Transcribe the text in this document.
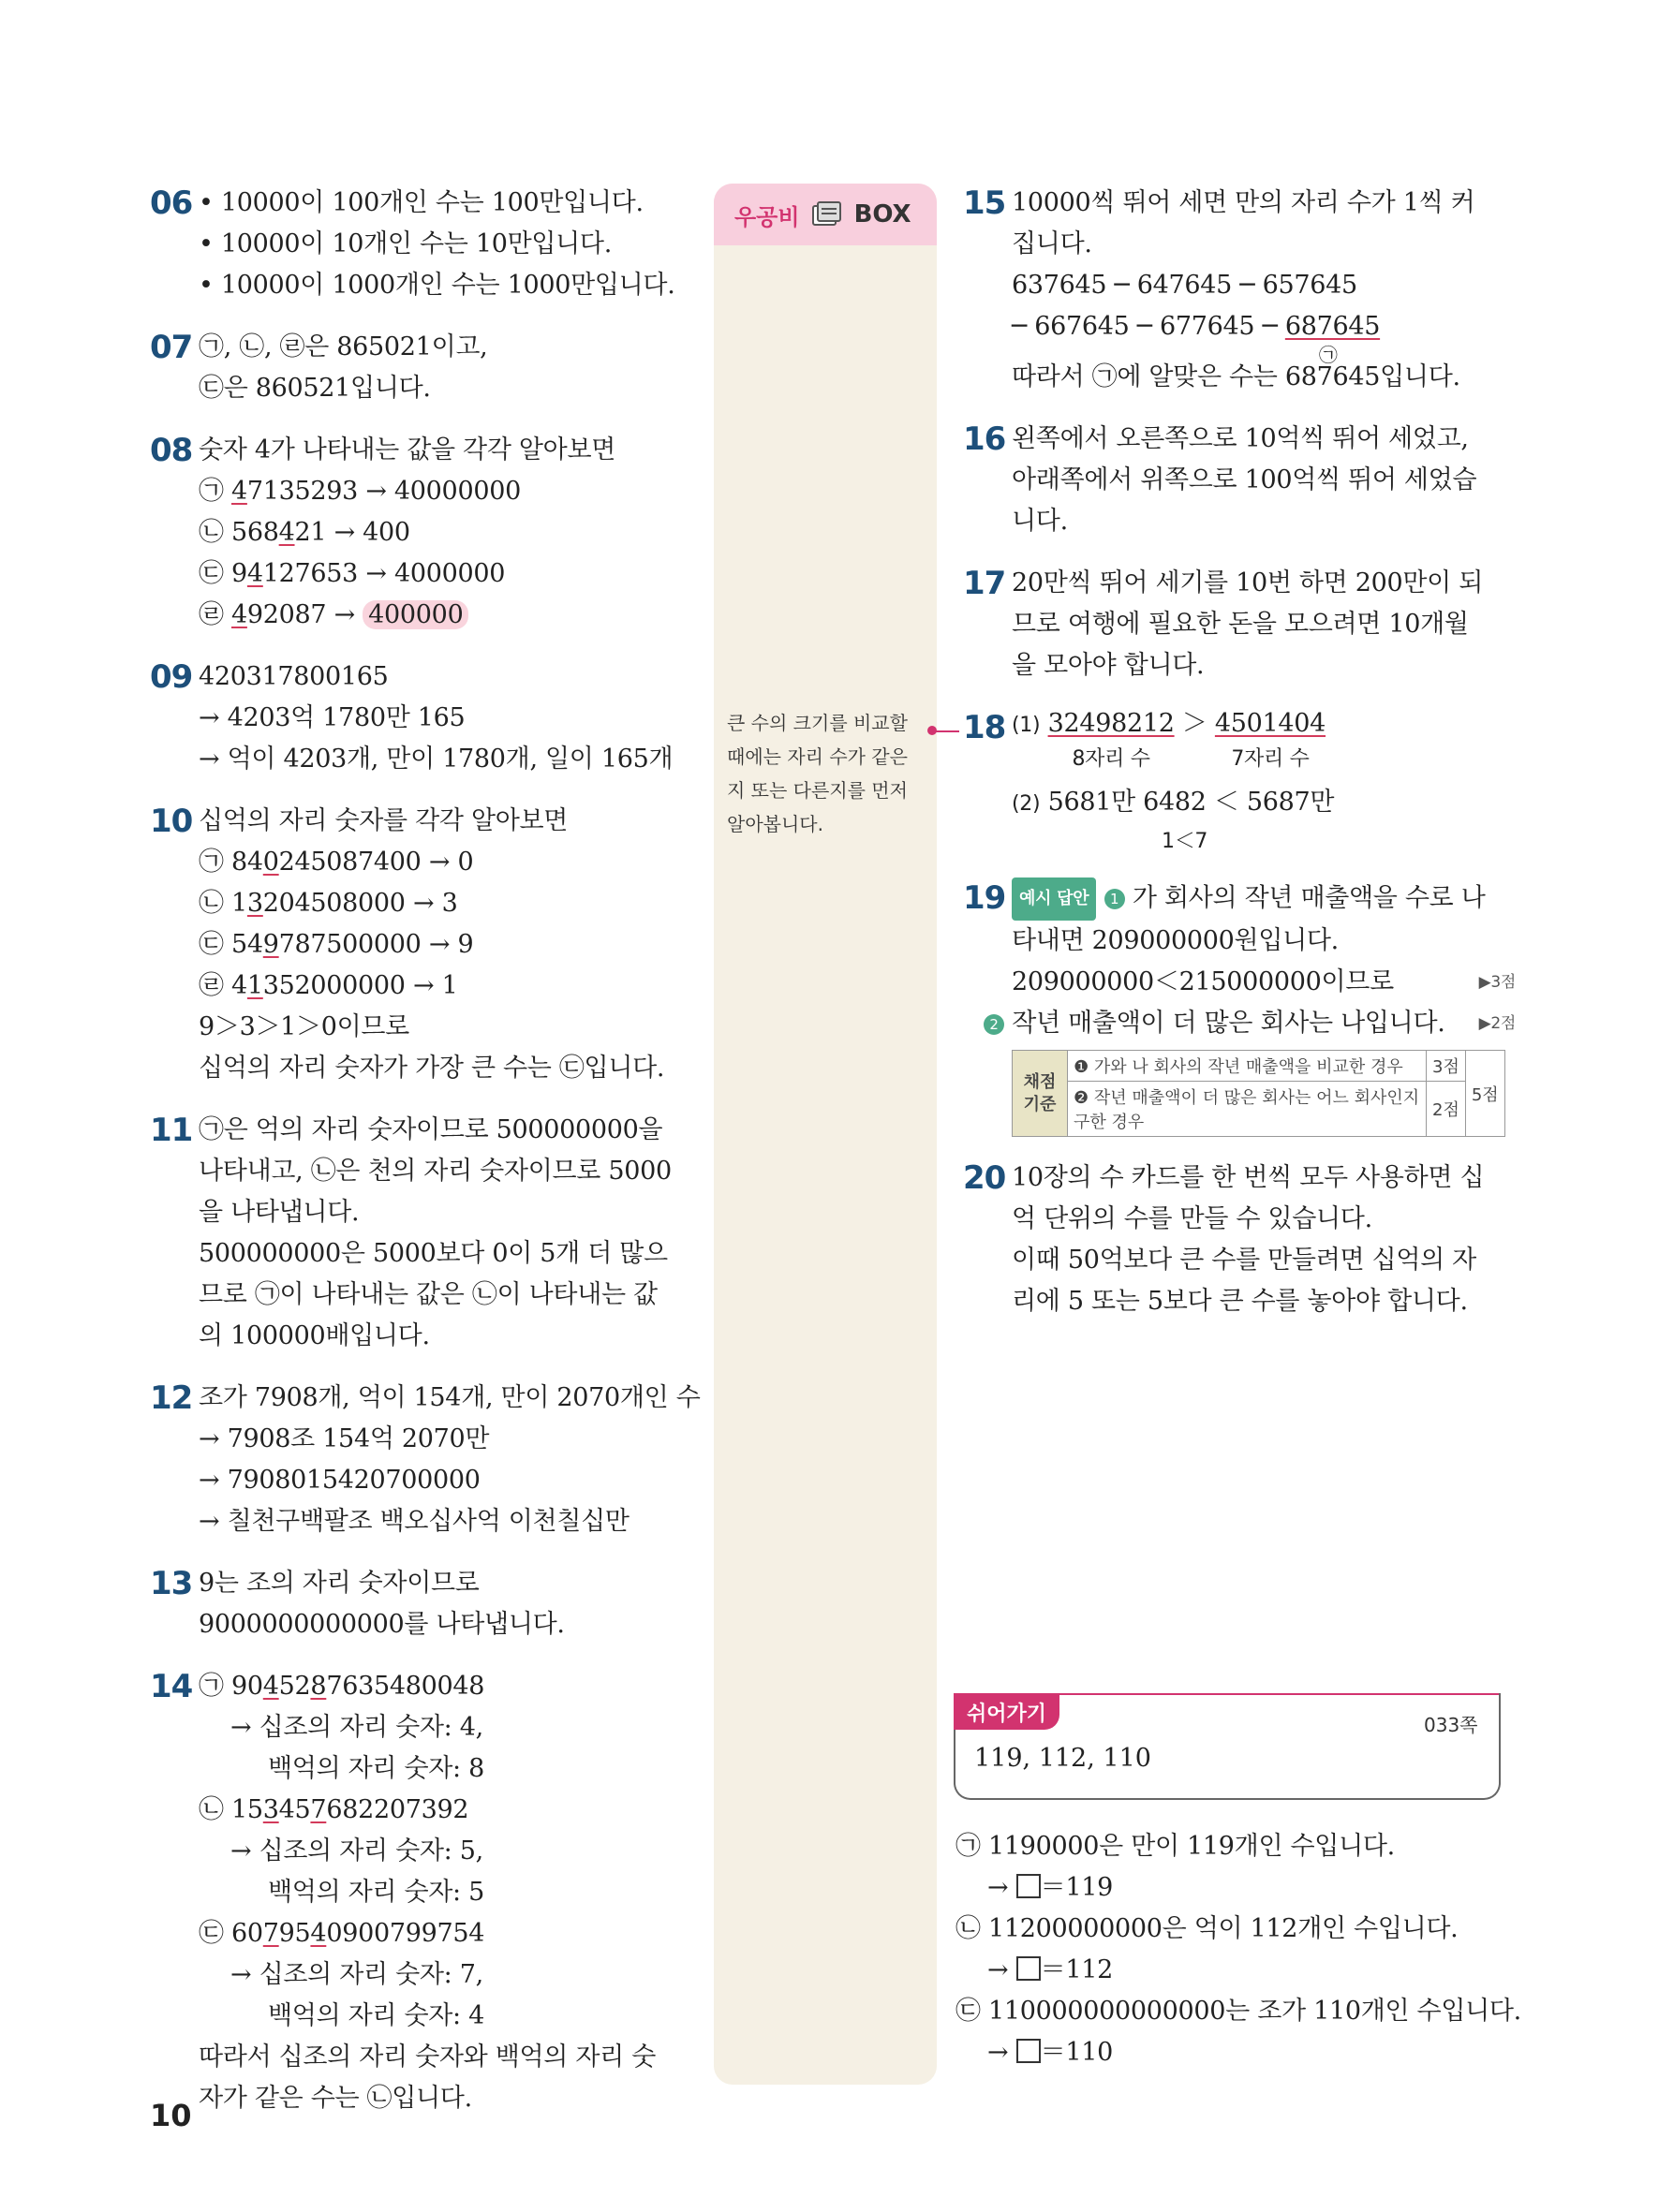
06 • 10000이 100개인 수는 100만입니다.
• 10000이 10개인 수는 10만입니다.
• 10000이 1000개인 수는 1000만입니다.
07 ㉠, ㉡, ㉣은 865021이고,
㉢은 860521입니다.
08 숫자 4가 나타내는 값을 각각 알아보면
㉠ 47135293 → 40000000
㉡ 568421 → 400
㉢ 94127653 → 4000000
㉣ 492087 → 400000
09 420317800165
→ 4203억 1780만 165
→ 억이 4203개, 만이 1780개, 일이 165개
10 십억의 자리 숫자를 각각 알아보면
㉠ 840245087400 → 0
㉡ 13204508000 → 3
㉢ 549787500000 → 9
㉣ 41352000000 → 1
9＞3＞1＞0이므로
십억의 자리 숫자가 가장 큰 수는 ㉢입니다.
11 ㉠은 억의 자리 숫자이므로 500000000을
나타내고, ㉡은 천의 자리 숫자이므로 5000
을 나타냅니다.
500000000은 5000보다 0이 5개 더 많으
므로 ㉠이 나타내는 값은 ㉡이 나타내는 값
의 100000배입니다.
12 조가 7908개, 억이 154개, 만이 2070개인 수
→ 7908조 154억 2070만
→ 7908015420700000
→ 칠천구백팔조 백오십사억 이천칠십만
13 9는 조의 자리 숫자이므로
9000000000000를 나타냅니다.
14 ㉠ 9045287635480048
→ 십조의 자리 숫자: 4,
백억의 자리 숫자: 8
㉡ 153457682207392
→ 십조의 자리 숫자: 5,
백억의 자리 숫자: 5
㉢ 6079540900799754
→ 십조의 자리 숫자: 7,
백억의 자리 숫자: 4
따라서 십조의 자리 숫자와 백억의 자리 숫
자가 같은 수는 ㉡입니다.
우공비 BOX
큰 수의 크기를 비교할
때에는 자리 수가 같은
지 또는 다른지를 먼저
알아봅니다.
15 10000씩 뛰어 세면 만의 자리 수가 1씩 커
집니다.
637645 ─ 647645 ─ 657645
─ 667645 ─ 677645 ─ 687645
㉠
따라서 ㉠에 알맞은 수는 687645입니다.
16 왼쪽에서 오른쪽으로 10억씩 뛰어 세었고,
아래쪽에서 위쪽으로 100억씩 뛰어 세었습
니다.
17 20만씩 뛰어 세기를 10번 하면 200만이 되
므로 여행에 필요한 돈을 모으려면 10개월
을 모아야 합니다.
18 (1) 32498212
8자리 수 ＞ 4501404
7자리 수
(2) 5681만 6482 ＜ 5687만
1＜7
19 예시 답안 1 가 회사의 작년 매출액을 수로 나
타내면 209000000원입니다.
209000000＜215000000이므로	▶3점
2 작년 매출액이 더 많은 회사는 나입니다. ▶2점
채점 기준	❶ 가와 나 회사의 작년 매출액을 비교한 경우	3점	5점
	❷ 작년 매출액이 더 많은 회사는 어느 회사인지 구한 경우	2점	
20 10장의 수 카드를 한 번씩 모두 사용하면 십
억 단위의 수를 만들 수 있습니다.
이때 50억보다 큰 수를 만들려면 십억의 자
리에 5 또는 5보다 큰 수를 놓아야 합니다.
쉬어가기	033쪽
119, 112, 110
㉠ 1190000은 만이 119개인 수입니다.
→ ＝119
㉡ 11200000000은 억이 112개인 수입니다.
→ ＝112
㉢ 110000000000000는 조가 110개인 수입니다.
→ ＝110
10
